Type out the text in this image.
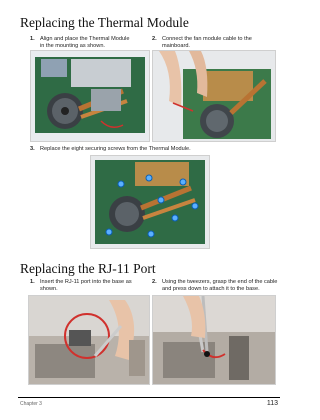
Replacing the Thermal Module
1. Align and place the Thermal Module in the mounting as shown.
2. Connect the fan module cable to the mainboard.
3. Replace the eight securing screws from the Thermal Module.
Replacing the RJ-11 Port
1. Insert the RJ-11 port into the base as shown.
2. Using the tweezers, grasp the end of the cable and press down to attach it to the base.
Chapter 3	113
